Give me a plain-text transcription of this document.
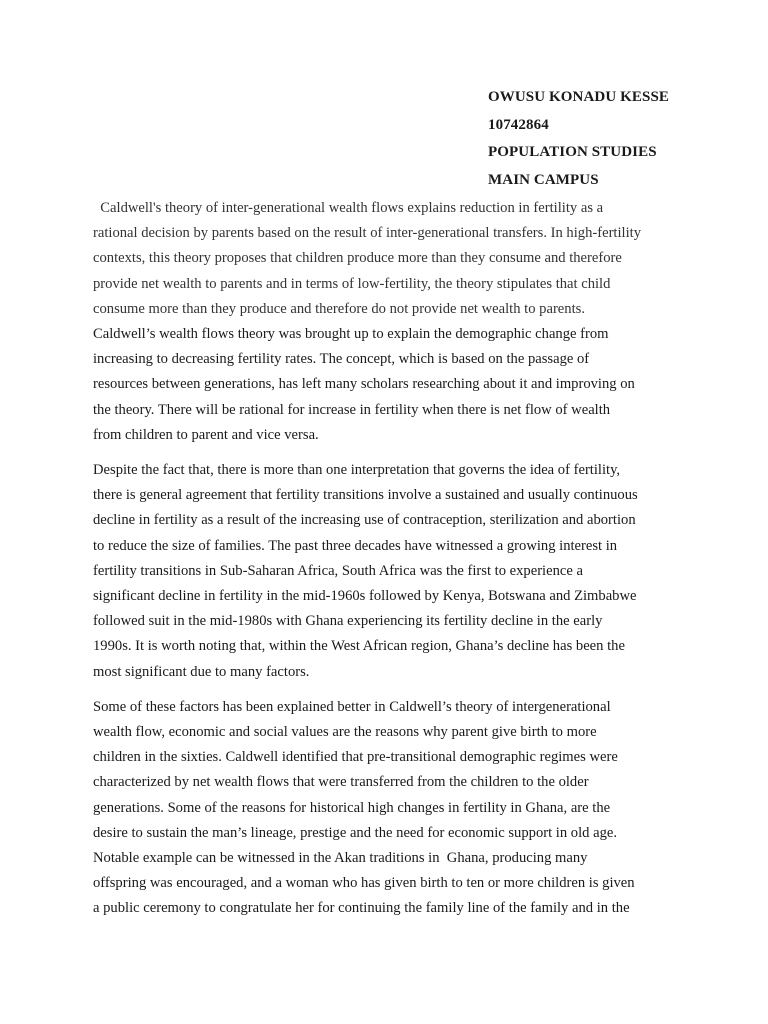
OWUSU KONADU KESSE
10742864
POPULATION STUDIES
MAIN CAMPUS

Caldwell's theory of inter-generational wealth flows explains reduction in fertility as a
rational decision by parents based on the result of inter-generational transfers. In high-fertility
contexts, this theory proposes that children produce more than they consume and therefore
provide net wealth to parents and in terms of low-fertility, the theory stipulates that child
consume more than they produce and therefore do not provide net wealth to parents.
Caldwell’s wealth flows theory was brought up to explain the demographic change from
increasing to decreasing fertility rates. The concept, which is based on the passage of
resources between generations, has left many scholars researching about it and improving on
the theory. There will be rational for increase in fertility when there is net flow of wealth
from children to parent and vice versa.

Despite the fact that, there is more than one interpretation that governs the idea of fertility,
there is general agreement that fertility transitions involve a sustained and usually continuous
decline in fertility as a result of the increasing use of contraception, sterilization and abortion
to reduce the size of families. The past three decades have witnessed a growing interest in
fertility transitions in Sub-Saharan Africa, South Africa was the first to experience a
significant decline in fertility in the mid-1960s followed by Kenya, Botswana and Zimbabwe
followed suit in the mid-1980s with Ghana experiencing its fertility decline in the early
1990s. It is worth noting that, within the West African region, Ghana’s decline has been the
most significant due to many factors.

Some of these factors has been explained better in Caldwell’s theory of intergenerational
wealth flow, economic and social values are the reasons why parent give birth to more
children in the sixties. Caldwell identified that pre-transitional demographic regimes were
characterized by net wealth flows that were transferred from the children to the older
generations. Some of the reasons for historical high changes in fertility in Ghana, are the
desire to sustain the man’s lineage, prestige and the need for economic support in old age.
Notable example can be witnessed in the Akan traditions in  Ghana, producing many
offspring was encouraged, and a woman who has given birth to ten or more children is given
a public ceremony to congratulate her for continuing the family line of the family and in the
